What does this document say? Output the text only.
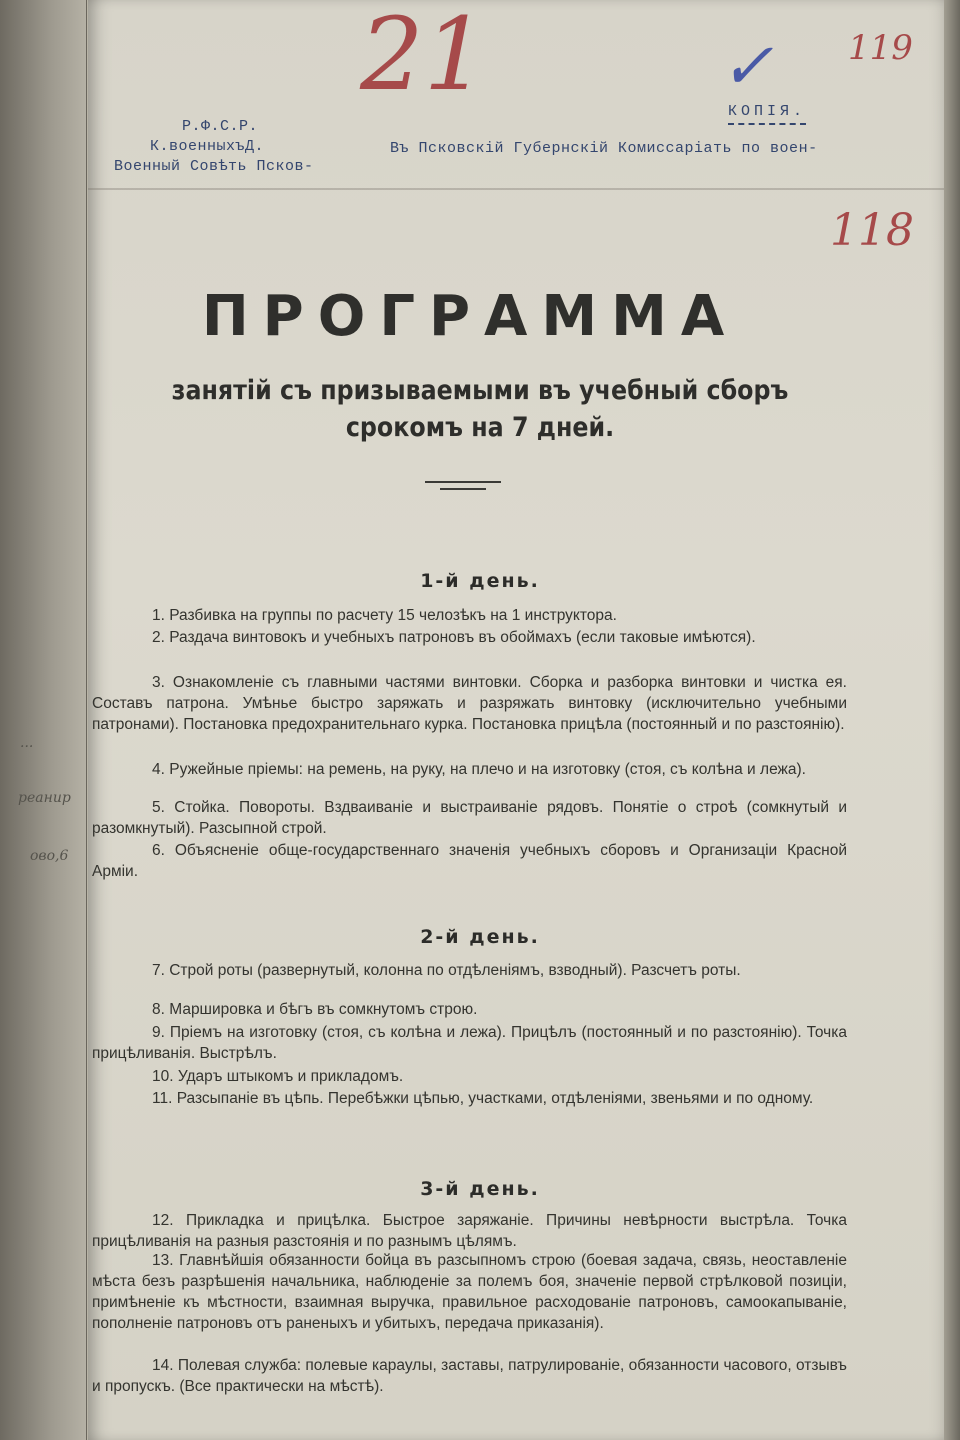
...
реанир
ово,6
Р.Ф.С.Р.
К.военныхъД.
Военный Совѣть Псков-
Въ Псковскій Губернскій Комиссаріать по воен-
КОПІЯ.
21	119
118
✓
ПРОГРАММА
занятій съ призываемыми въ учебный сборъ
срокомъ на 7 дней.
1-й день.
1. Разбивка на группы по расчету 15 челозѣкъ на 1 инструктора.
2. Раздача винтовокъ и учебныхъ патроновъ въ обоймахъ (если таковые имѣются).
3. Ознакомленіе съ главными частями винтовки. Сборка и разборка винтовки и чистка ея. Составъ патрона. Умѣнье быстро заряжать и разряжать винтовку (исключительно учебными патронами). Постановка предохранительнаго курка. Постановка прицѣла (постоянный и по разстоянію).
4. Ружейные пріемы: на ремень, на руку, на плечо и на изготовку (стоя, съ колѣна и лежа).
5. Стойка. Повороты. Вздваиваніе и выстраиваніе рядовъ. Понятіе о строѣ (сомкнутый и разомкнутый). Разсыпной строй.
6. Объясненіе обще-государственнаго значенія учебныхъ сборовъ и Организаціи Красной Арміи.
2-й день.
7. Строй роты (развернутый, колонна по отдѣленіямъ, взводный). Разсчетъ роты.
8. Маршировка и бѣгъ въ сомкнутомъ строю.
9. Пріемъ на изготовку (стоя, съ колѣна и лежа). Прицѣлъ (постоянный и по разстоянію). Точка прицѣливанія. Выстрѣлъ.
10. Ударъ штыкомъ и прикладомъ.
11. Разсыпаніе въ цѣпь. Перебѣжки цѣпью, участками, отдѣленіями, звеньями и по одному.
3-й день.
12. Прикладка и прицѣлка. Быстрое заряжаніе. Причины невѣрности выстрѣла. Точка прицѣливанія на разныя разстоянія и по разнымъ цѣлямъ.
13. Главнѣйшія обязанности бойца въ разсыпномъ строю (боевая задача, связь, неоставленіе мѣста безъ разрѣшенія начальника, наблюденіе за полемъ боя, значеніе первой стрѣлковой позиціи, примѣненіе къ мѣстности, взаимная выручка, правильное расходованіе патроновъ, самоокапываніе, пополненіе патроновъ отъ раненыхъ и убитыхъ, передача приказанія).
14. Полевая служба: полевые караулы, заставы, патрулированіе, обязанности часового, отзывъ и пропускъ. (Все практически на мѣстѣ).
